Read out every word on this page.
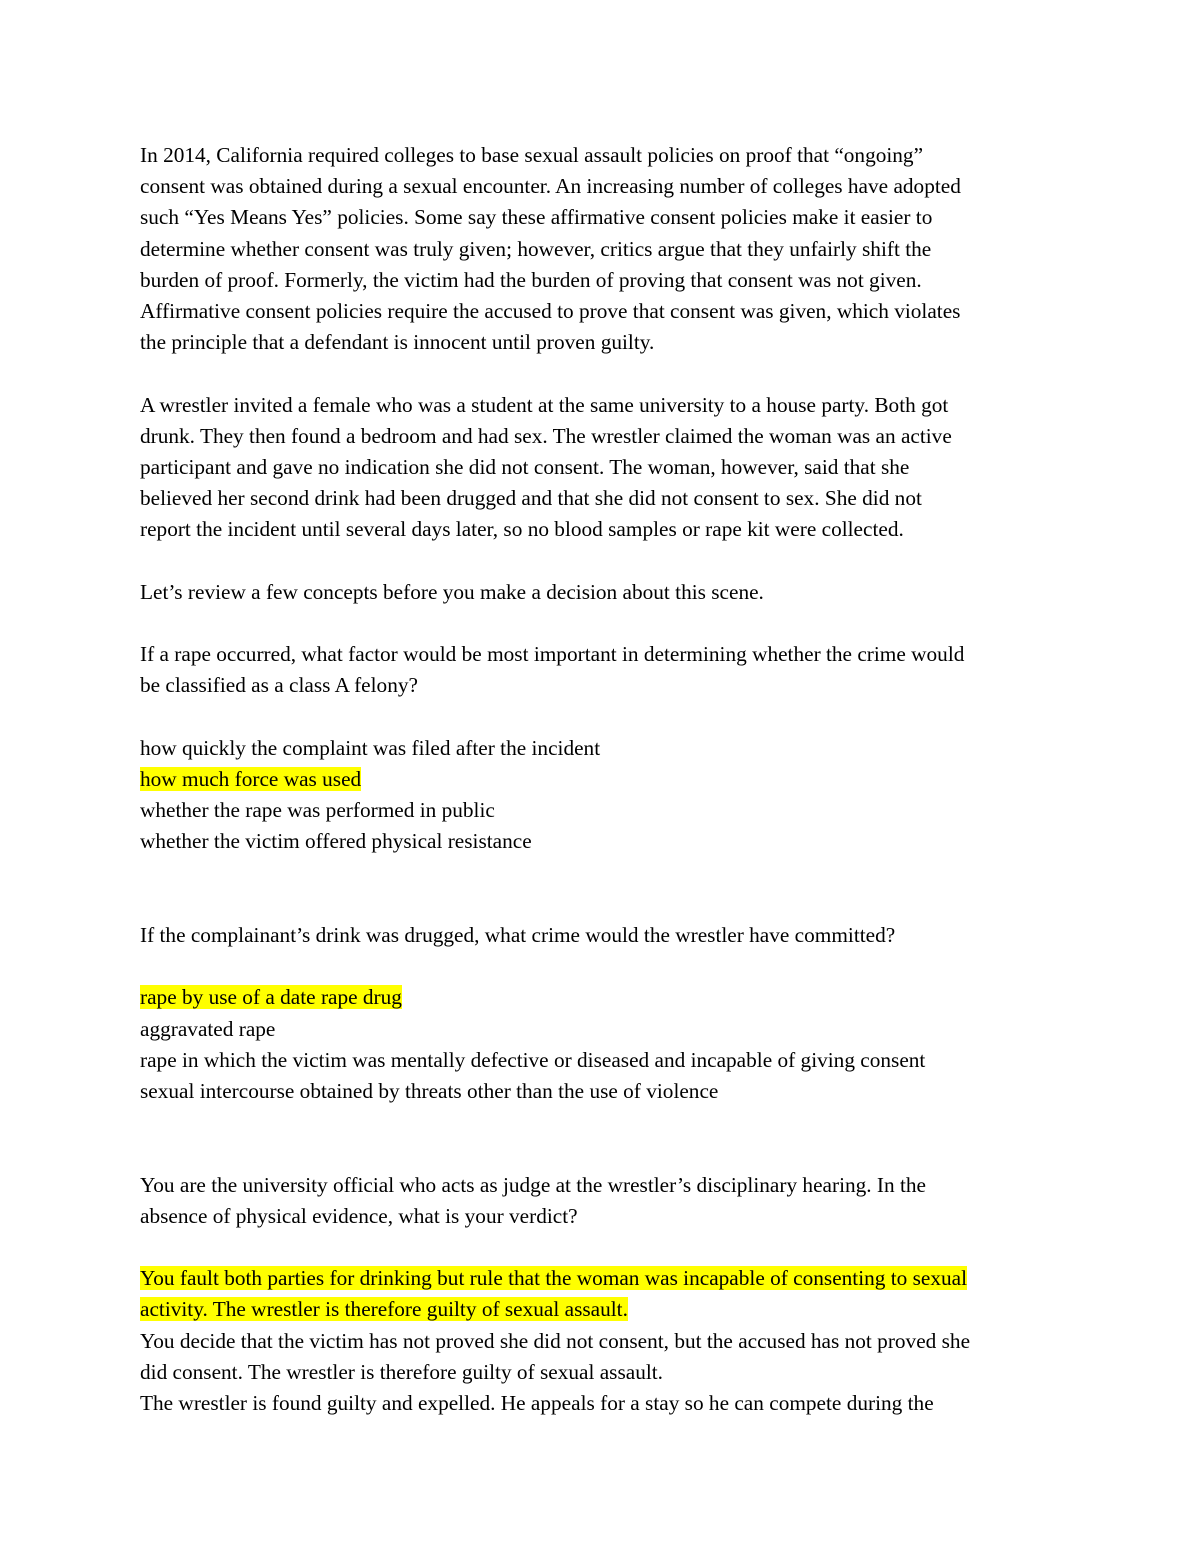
In 2014, California required colleges to base sexual assault policies on proof that “ongoing”
consent was obtained during a sexual encounter. An increasing number of colleges have adopted
such “Yes Means Yes” policies. Some say these affirmative consent policies make it easier to
determine whether consent was truly given; however, critics argue that they unfairly shift the
burden of proof. Formerly, the victim had the burden of proving that consent was not given.
Affirmative consent policies require the accused to prove that consent was given, which violates
the principle that a defendant is innocent until proven guilty.

A wrestler invited a female who was a student at the same university to a house party. Both got
drunk. They then found a bedroom and had sex. The wrestler claimed the woman was an active
participant and gave no indication she did not consent. The woman, however, said that she
believed her second drink had been drugged and that she did not consent to sex. She did not
report the incident until several days later, so no blood samples or rape kit were collected.

Let’s review a few concepts before you make a decision about this scene.

If a rape occurred, what factor would be most important in determining whether the crime would
be classified as a class A felony?

how quickly the complaint was filed after the incident
how much force was used
whether the rape was performed in public
whether the victim offered physical resistance

If the complainant’s drink was drugged, what crime would the wrestler have committed?

rape by use of a date rape drug
aggravated rape
rape in which the victim was mentally defective or diseased and incapable of giving consent
sexual intercourse obtained by threats other than the use of violence

You are the university official who acts as judge at the wrestler’s disciplinary hearing. In the
absence of physical evidence, what is your verdict?

You fault both parties for drinking but rule that the woman was incapable of consenting to sexual
activity. The wrestler is therefore guilty of sexual assault.
You decide that the victim has not proved she did not consent, but the accused has not proved she
did consent. The wrestler is therefore guilty of sexual assault.
The wrestler is found guilty and expelled. He appeals for a stay so he can compete during the
